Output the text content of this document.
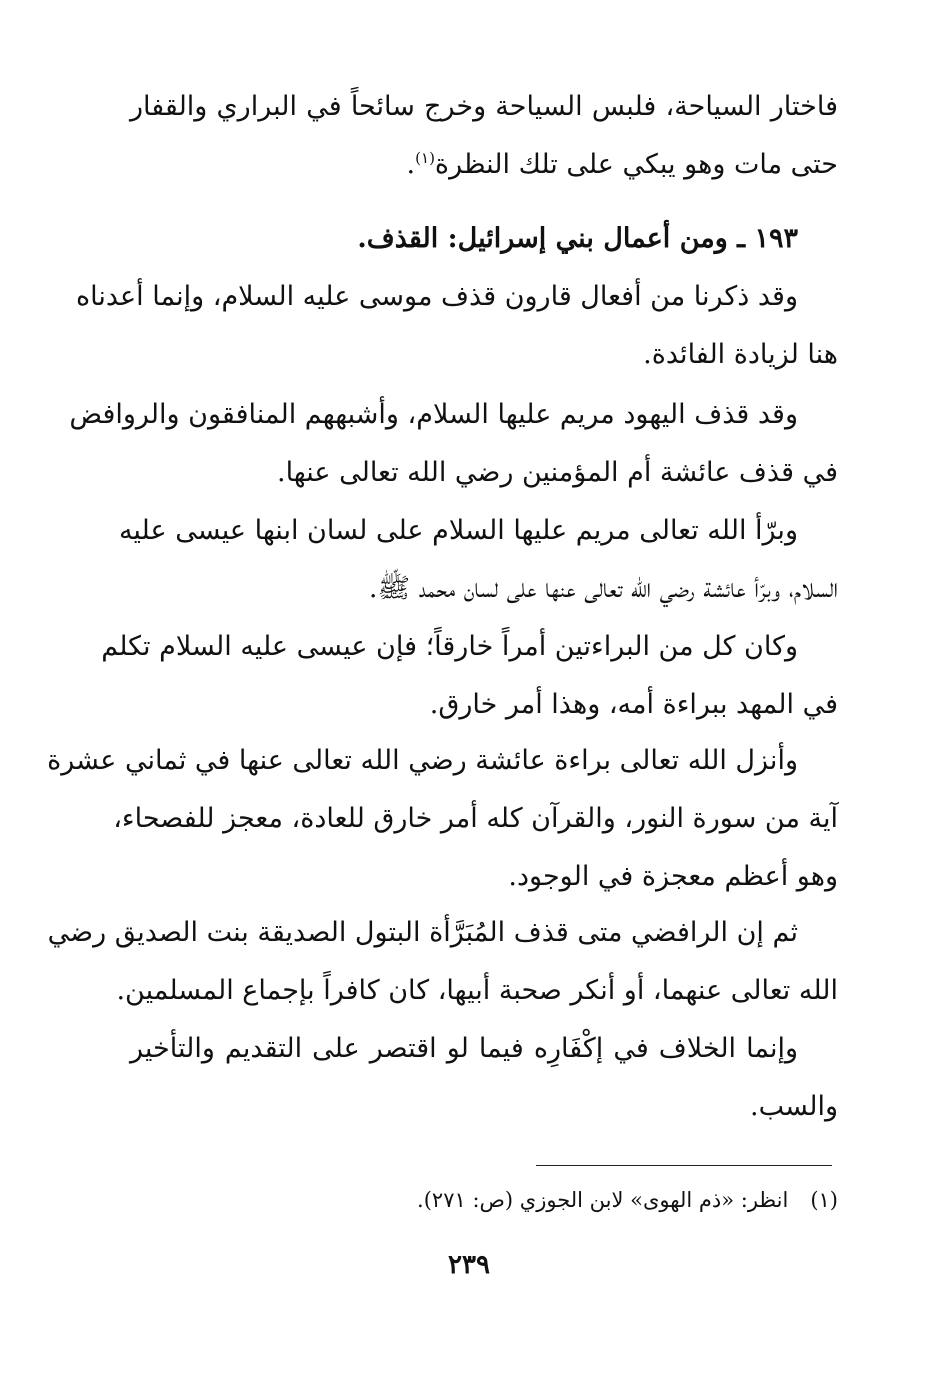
فاختار السياحة، فلبس السياحة وخرج سائحاً في البراري والقفار
حتى مات وهو يبكي على تلك النظرة$^{(١)}$.
١٩٣ ـ ومن أعمال بني إسرائيل: القذف.
وقد ذكرنا من أفعال قارون قذف موسى عليه السلام، وإنما أعدناه
هنا لزيادة الفائدة.
وقد قذف اليهود مريم عليها السلام، وأشبههم المنافقون والروافض
في قذف عائشة أم المؤمنين رضي الله تعالى عنها.
وبرّأ الله تعالى مريم عليها السلام على لسان ابنها عيسى عليه
السلام، وبرّأ عائشة رضي الله تعالى عنها على لسان محمد ﷺ.
وكان كل من البراءتين أمراً خارقاً؛ فإن عيسى عليه السلام تكلم
في المهد ببراءة أمه، وهذا أمر خارق.
وأنزل الله تعالى براءة عائشة رضي الله تعالى عنها في ثماني عشرة
آية من سورة النور، والقرآن كله أمر خارق للعادة، معجز للفصحاء،
وهو أعظم معجزة في الوجود.
ثم إن الرافضي متى قذف المُبَرَّأة البتول الصديقة بنت الصديق رضي
الله تعالى عنهما، أو أنكر صحبة أبيها، كان كافراً بإجماع المسلمين.
وإنما الخلاف في إكْفَارِه فيما لو اقتصر على التقديم والتأخير
والسب.
(١)انظر: «ذم الهوى» لابن الجوزي (ص: ٢٧١).
٢٣٩
